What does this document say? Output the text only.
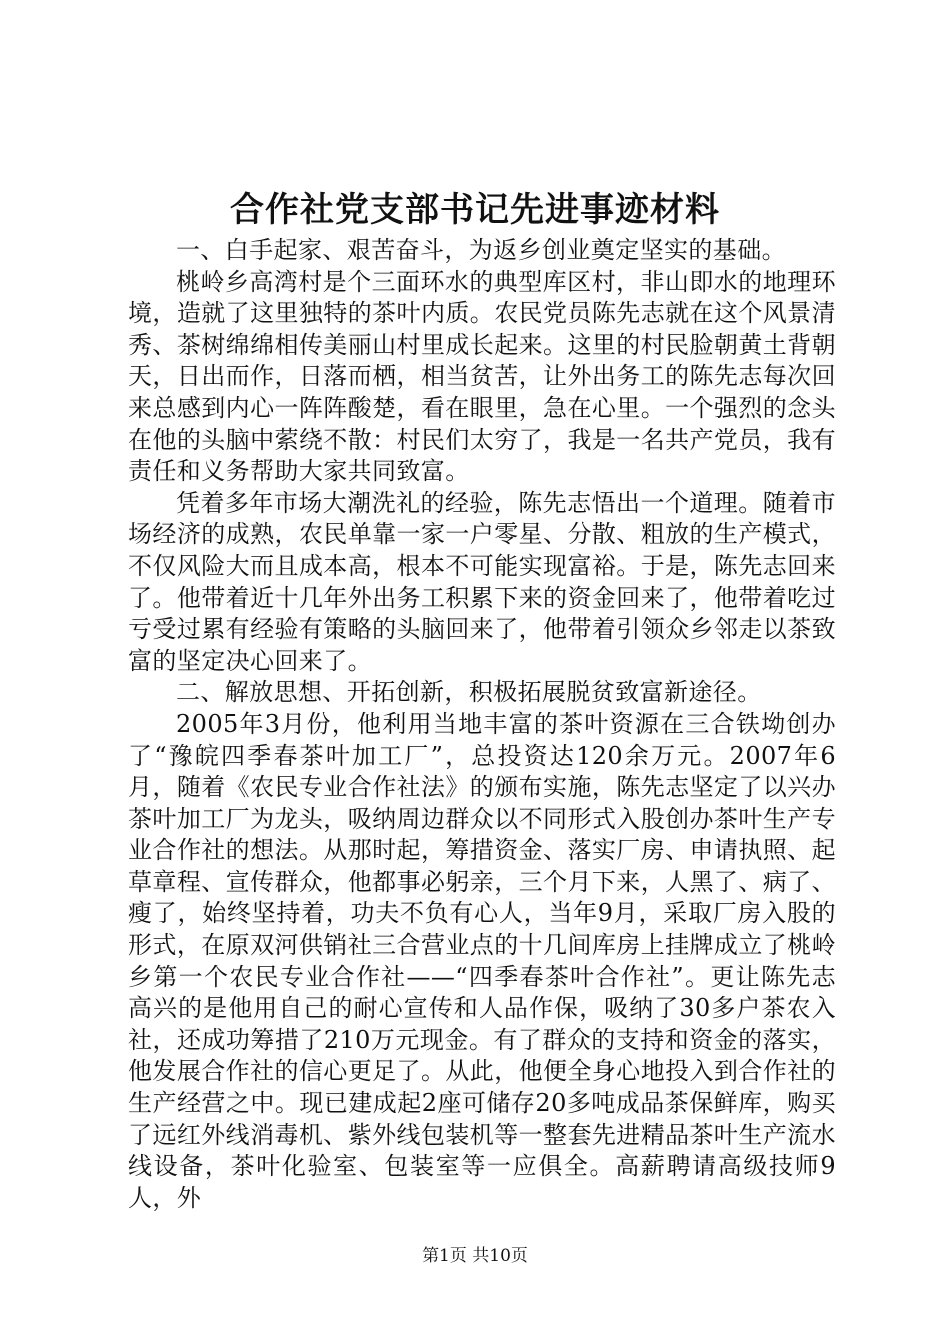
合作社党支部书记先进事迹材料

一、白手起家、艰苦奋斗，为返乡创业奠定坚实的基础。

桃岭乡高湾村是个三面环水的典型库区村，非山即水的地理环境，造就了这里独特的茶叶内质。农民党员陈先志就在这个风景清秀、茶树绵绵相传美丽山村里成长起来。这里的村民脸朝黄土背朝天，日出而作，日落而栖，相当贫苦，让外出务工的陈先志每次回来总感到内心一阵阵酸楚，看在眼里，急在心里。一个强烈的念头在他的头脑中萦绕不散：村民们太穷了，我是一名共产党员，我有责任和义务帮助大家共同致富。

凭着多年市场大潮洗礼的经验，陈先志悟出一个道理。随着市场经济的成熟，农民单靠一家一户零星、分散、粗放的生产模式，不仅风险大而且成本高，根本不可能实现富裕。于是，陈先志回来了。他带着近十几年外出务工积累下来的资金回来了，他带着吃过亏受过累有经验有策略的头脑回来了，他带着引领众乡邻走以茶致富的坚定决心回来了。

二、解放思想、开拓创新，积极拓展脱贫致富新途径。

2005年3月份，他利用当地丰富的茶叶资源在三合铁坳创办了“豫皖四季春茶叶加工厂”，总投资达120余万元。2007年6月，随着《农民专业合作社法》的颁布实施，陈先志坚定了以兴办茶叶加工厂为龙头，吸纳周边群众以不同形式入股创办茶叶生产专业合作社的想法。从那时起，筹措资金、落实厂房、申请执照、起草章程、宣传群众，他都事必躬亲，三个月下来，人黑了、病了、瘦了，始终坚持着，功夫不负有心人，当年9月，采取厂房入股的形式，在原双河供销社三合营业点的十几间库房上挂牌成立了桃岭乡第一个农民专业合作社——“四季春茶叶合作社”。更让陈先志高兴的是他用自己的耐心宣传和人品作保，吸纳了30多户茶农入社，还成功筹措了210万元现金。有了群众的支持和资金的落实，他发展合作社的信心更足了。从此，他便全身心地投入到合作社的生产经营之中。现已建成起2座可储存20多吨成品茶保鲜库，购买了远红外线消毒机、紫外线包装机等一整套先进精品茶叶生产流水线设备，茶叶化验室、包装室等一应俱全。高薪聘请高级技师9人，外

第1页 共10页
